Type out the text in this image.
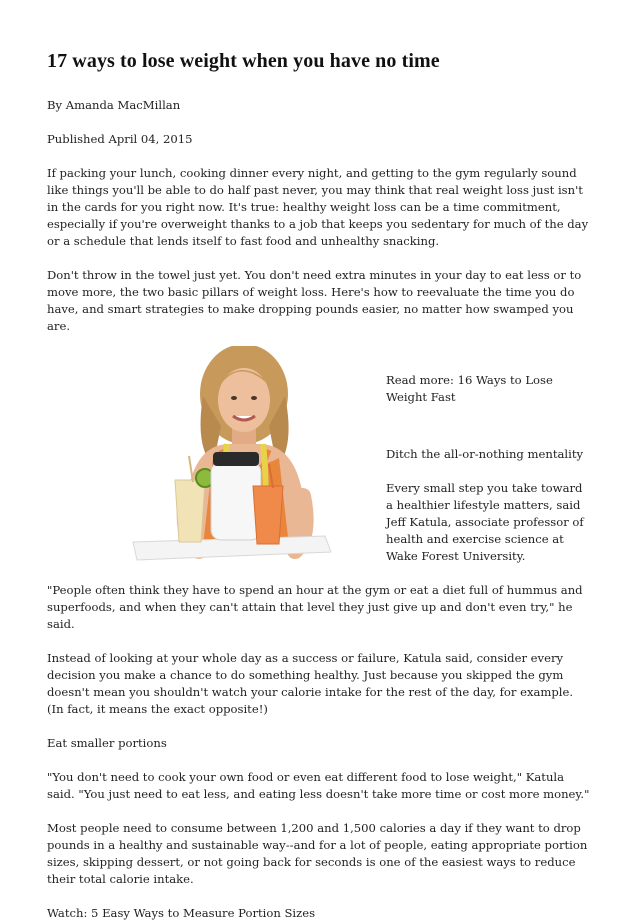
17 ways to lose weight when you have no time

By Amanda MacMillan

Published April 04, 2015

If packing your lunch, cooking dinner every night, and getting to the gym regularly sound like things you'll be able to do half past never, you may think that real weight loss just isn't in the cards for you right now. It's true: healthy weight loss can be a time commitment, especially if you're overweight thanks to a job that keeps you sedentary for much of the day or a schedule that lends itself to fast food and unhealthy snacking.

Don't throw in the towel just yet. You don't need extra minutes in your day to eat less or to move more, the two basic pillars of weight loss. Here's how to reevaluate the time you do have, and smart strategies to make dropping pounds easier, no matter how swamped you are.

Read more: 16 Ways to Lose Weight Fast

Ditch the all-or-nothing mentality

Every small step you take toward a healthier lifestyle matters, said Jeff Katula, associate professor of health and exercise science at Wake Forest University.

"People often think they have to spend an hour at the gym or eat a diet full of hummus and superfoods, and when they can't attain that level they just give up and don't even try," he said.

Instead of looking at your whole day as a success or failure, Katula said, consider every decision you make a chance to do something healthy. Just because you skipped the gym doesn't mean you shouldn't watch your calorie intake for the rest of the day, for example. (In fact, it means the exact opposite!)

Eat smaller portions

"You don't need to cook your own food or even eat different food to lose weight," Katula said. "You just need to eat less, and eating less doesn't take more time or cost more money."

Most people need to consume between 1,200 and 1,500 calories a day if they want to drop pounds in a healthy and sustainable way--and for a lot of people, eating appropriate portion sizes, skipping dessert, or not going back for seconds is one of the easiest ways to reduce their total calorie intake.

Watch: 5 Easy Ways to Measure Portion Sizes
